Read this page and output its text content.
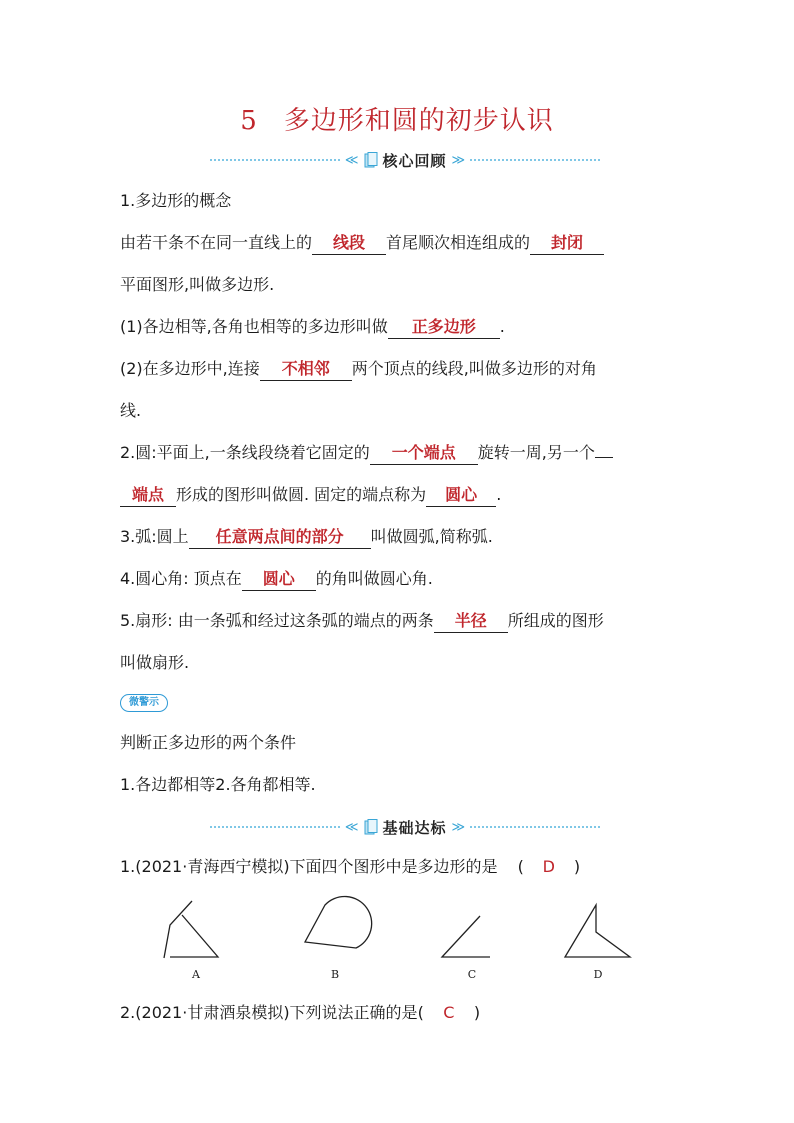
5 多边形和圆的初步认识
≪ 核心回顾 ≫
1.多边形的概念
由若干条不在同一直线上的 线段 首尾顺次相连组成的 封闭
平面图形,叫做多边形.
(1)各边相等,各角也相等的多边形叫做 正多边形 .
(2)在多边形中,连接 不相邻 两个顶点的线段,叫做多边形的对角
线.
2.圆:平面上,一条线段绕着它固定的 一个端点 旋转一周,另一个
端点 形成的图形叫做圆. 固定的端点称为 圆心 .
3.弧:圆上 任意两点间的部分 叫做圆弧,简称弧.
4.圆心角: 顶点在 圆心 的角叫做圆心角.
5.扇形: 由一条弧和经过这条弧的端点的两条 半径 所组成的图形
叫做扇形.
微警示
判断正多边形的两个条件
1.各边都相等2.各角都相等.
≪ 基础达标 ≫
1.(2021·青海西宁模拟)下面四个图形中是多边形的是 ( D )
A	B	C	D
2.(2021·甘肃酒泉模拟)下列说法正确的是( C )
